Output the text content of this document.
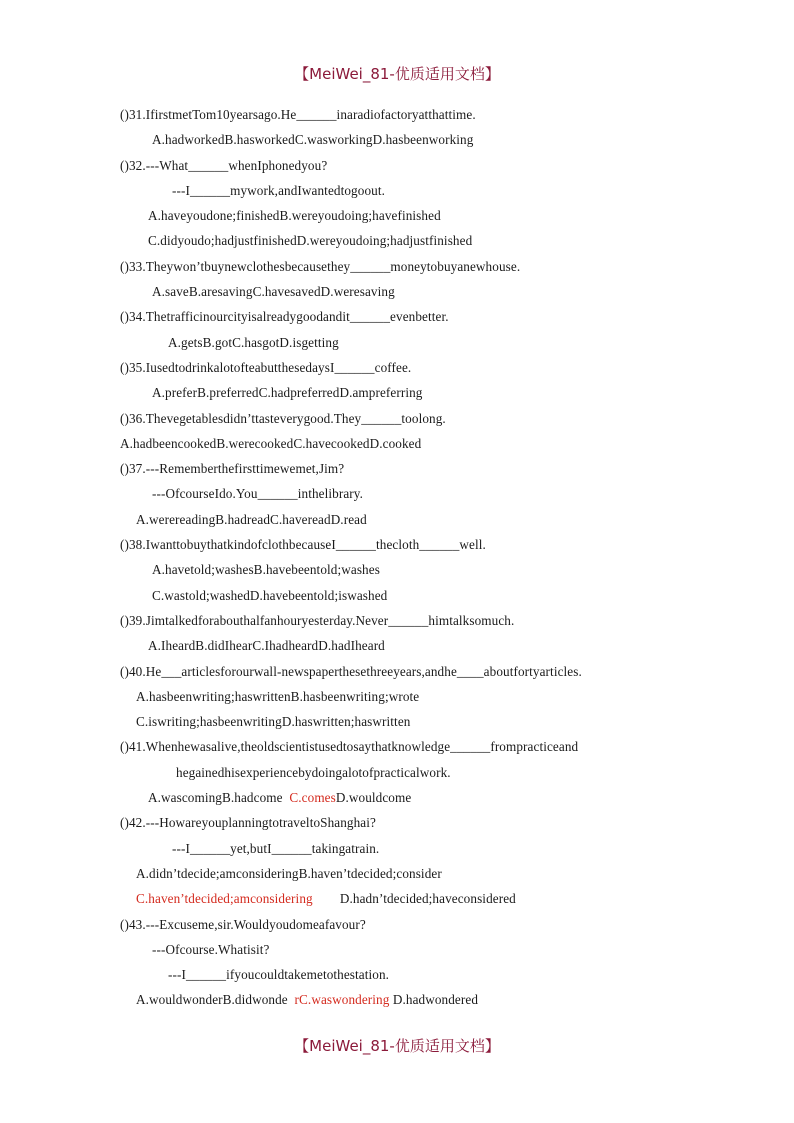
【MeiWei_81-优质适用文档】
()31.IfirstmetTom10yearsago.He______inaradiofactoryatthattime.
A.hadworkedB.hasworkedC.wasworkingD.hasbeenworking
()32.---What______whenIphonedyou?
---I______mywork,andIwantedtogoout.
A.haveyoudone;finishedB.wereyoudoing;havefinished
C.didyoudo;hadjustfinishedD.wereyoudoing;hadjustfinished
()33.Theywon’tbuynewclothesbecausethey______moneytobuyanewhouse.
A.saveB.aresavingC.havesavedD.weresaving
()34.Thetrafficinourcityisalreadygoodandit______evenbetter.
A.getsB.gotC.hasgotD.isgetting
()35.IusedtodrinkalotofteabutthesedaysI______coffee.
A.preferB.preferredC.hadpreferredD.ampreferring
()36.Thevegetablesdidn’ttasteverygood.They______toolong.
A.hadbeencookedB.werecookedC.havecookedD.cooked
()37.---Rememberthefirsttimewemet,Jim?
---OfcourseIdo.You______inthelibrary.
A.werereadingB.hadreadC.havereadD.read
()38.IwanttobuythatkindofclothbecauseI______thecloth______well.
A.havetold;washesB.havebeentold;washes
C.wastold;washedD.havebeentold;iswashed
()39.Jimtalkedforabouthalfanhouryesterday.Never______himtalksomuch.
A.IheardB.didIhearC.IhadheardD.hadIheard
()40.He___articlesforourwall-newspaperthesethreeyears,andhe____aboutfortyarticles.
A.hasbeenwriting;haswrittenB.hasbeenwriting;wrote
C.iswriting;hasbeenwritingD.haswritten;haswritten
()41.Whenhewasalive,theoldscientistusedtosaythatknowledge______frompracticeand
hegainedhisexperiencebydoingalotofpracticalwork.
A.wascomingB.hadcome  C.comesD.wouldcome
()42.---HowareyouplanningtotraveltoShanghai?
---I______yet,butI______takingatrain.
A.didn’tdecide;amconsideringB.haven’tdecided;consider
C.haven’tdecided;amconsidering        D.hadn’tdecided;haveconsidered
()43.---Excuseme,sir.Wouldyoudomeafavour?
---Ofcourse.Whatisit?
---I______ifyoucouldtakemetothestation.
A.wouldwonderB.didwonde  rC.waswondering D.hadwondered
【MeiWei_81-优质适用文档】
